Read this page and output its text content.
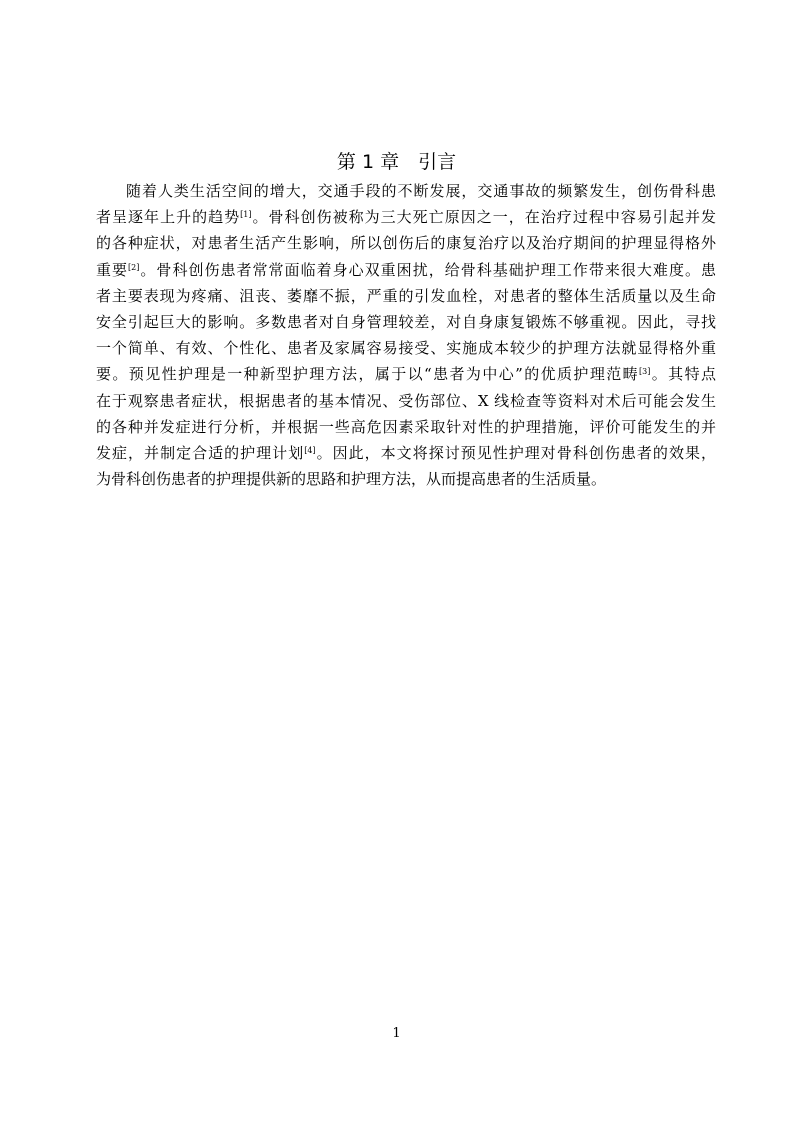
第 1 章　引言
随着人类生活空间的增大，交通手段的不断发展，交通事故的频繁发生，创伤骨科患
者呈逐年上升的趋势[1]。骨科创伤被称为三大死亡原因之一，在治疗过程中容易引起并发
的各种症状，对患者生活产生影响，所以创伤后的康复治疗以及治疗期间的护理显得格外
重要[2]。骨科创伤患者常常面临着身心双重困扰，给骨科基础护理工作带来很大难度。患
者主要表现为疼痛、沮丧、萎靡不振，严重的引发血栓，对患者的整体生活质量以及生命
安全引起巨大的影响。多数患者对自身管理较差，对自身康复锻炼不够重视。因此，寻找
一个简单、有效、个性化、患者及家属容易接受、实施成本较少的护理方法就显得格外重
要。预见性护理是一种新型护理方法，属于以“患者为中心”的优质护理范畴[3]。其特点
在于观察患者症状，根据患者的基本情况、受伤部位、X 线检查等资料对术后可能会发生
的各种并发症进行分析，并根据一些高危因素采取针对性的护理措施，评价可能发生的并
发症，并制定合适的护理计划[4]。因此，本文将探讨预见性护理对骨科创伤患者的效果，
为骨科创伤患者的护理提供新的思路和护理方法，从而提高患者的生活质量。
1
